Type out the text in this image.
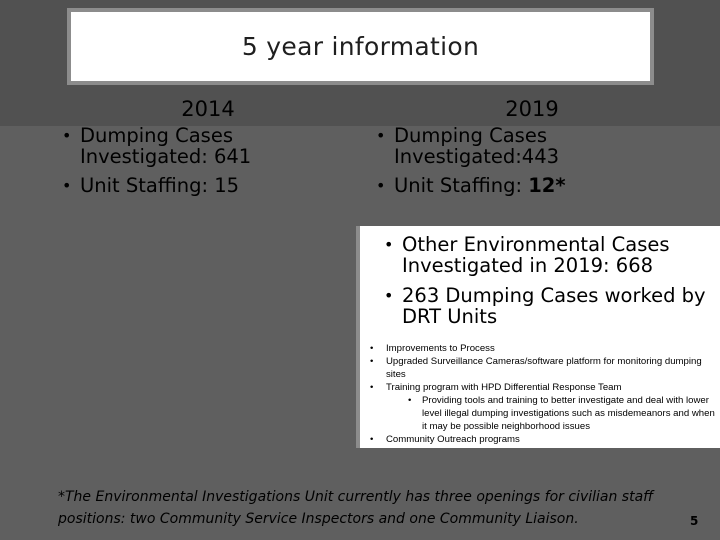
5 year information
2014
• Dumping Cases Investigated: 641
• Unit Staffing: 15
2019
• Dumping Cases Investigated:443
• Unit Staffing: 12*
• Other Environmental Cases Investigated in 2019: 668
• 263 Dumping Cases worked by DRT Units
• Improvements to Process
• Upgraded Surveillance Cameras/software platform for monitoring dumping sites
• Training program with HPD Differential Response Team
• Providing tools and training to better investigate and deal with lower level illegal dumping investigations such as misdemeanors and when it may be possible neighborhood issues
• Community Outreach programs
*The Environmental Investigations Unit currently has three openings for civilian staff positions: two Community Service Inspectors and one Community Liaison.	5
